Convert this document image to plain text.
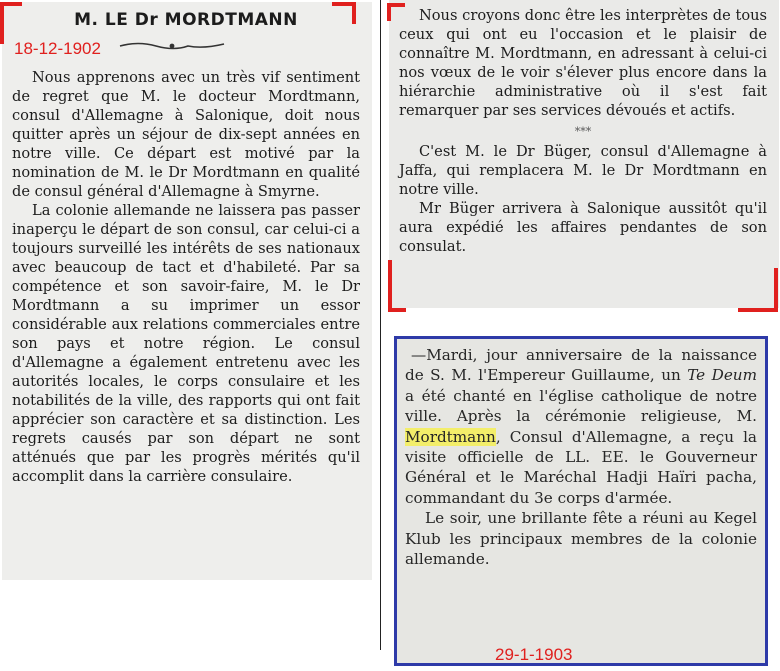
M. LE Dr MORDTMANN

Nous apprenons avec un très vif sentiment de regret que M. le docteur Mordtmann, consul d'Allemagne à Salonique, doit nous quitter après un séjour de dix-sept années en notre ville. Ce départ est motivé par la nomination de M. le Dr Mordtmann en qualité de consul général d'Allemagne à Smyrne.

La colonie allemande ne laissera pas passer inaperçu le départ de son consul, car celui-ci a toujours surveillé les intérêts de ses nationaux avec beaucoup de tact et d'habileté. Par sa compétence et son savoir-faire, M. le Dr Mordtmann a su imprimer un essor considérable aux relations commerciales entre son pays et notre région. Le consul d'Allemagne a également entretenu avec les autorités locales, le corps consulaire et les notabilités de la ville, des rapports qui ont fait apprécier son caractère et sa distinction. Les regrets causés par son départ ne sont atténués que par les progrès mérités qu'il accomplit dans la carrière consulaire.

Nous croyons donc être les interprètes de tous ceux qui ont eu l'occasion et le plaisir de connaître M. Mordtmann, en adressant à celui-ci nos vœux de le voir s'élever plus encore dans la hiérarchie administrative où il s'est fait remarquer par ses services dévoués et actifs.

***

C'est M. le Dr Büger, consul d'Allemagne à Jaffa, qui remplacera M. le Dr Mordtmann en notre ville.

Mr Büger arrivera à Salonique aussitôt qu'il aura expédié les affaires pendantes de son consulat.

—Mardi, jour anniversaire de la naissance de S. M. l'Empereur Guillaume, un Te Deum a été chanté en l'église catholique de notre ville. Après la cérémonie religieuse, M. Mordtmann, Consul d'Allemagne, a reçu la visite officielle de LL. EE. le Gouverneur Général et le Maréchal Hadji Haïri pacha, commandant du 3e corps d'armée.

Le soir, une brillante fête a réuni au Kegel Klub les principaux membres de la colonie allemande.

18-12-1902
29-1-1903
